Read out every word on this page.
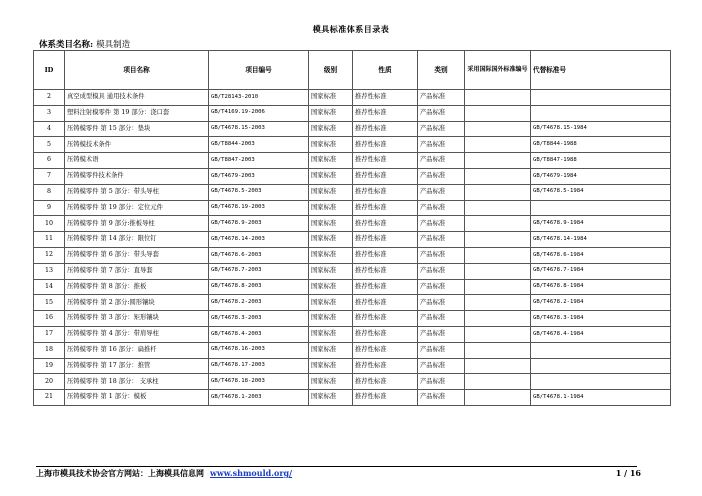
模具标准体系目录表
体系类目名称: 模具制造
ID	项目名称	项目编号	级别	性质	类别	采用国际国外标准编号	代替标准号
2	真空成型模具 通用技术条件	GB/T28143-2010	国家标准	推荐性标准	产品标准		
3	塑料注射模零件 第 19 部分：浇口套	GB/T4169.19-2006	国家标准	推荐性标准	产品标准		
4	压铸模零件 第 15 部分：垫块	GB/T4678.15-2003	国家标准	推荐性标准	产品标准		GB/T4678.15-1984
5	压铸模技术条件	GB/T8844-2003	国家标准	推荐性标准	产品标准		GB/T8844-1988
6	压铸模术语	GB/T8847-2003	国家标准	推荐性标准	产品标准		GB/T8847-1988
7	压铸模零件技术条件	GB/T4679-2003	国家标准	推荐性标准	产品标准		GB/T4679-1984
8	压铸模零件 第 5 部分：带头导柱	GB/T4678.5-2003	国家标准	推荐性标准	产品标准		GB/T4678.5-1984
9	压铸模零件 第 19 部分：定位元件	GB/T4678.19-2003	国家标准	推荐性标准	产品标准		
10	压铸模零件 第 9 部分:推板导柱	GB/T4678.9-2003	国家标准	推荐性标准	产品标准		GB/T4678.9-1984
11	压铸模零件 第 14 部分：限位钉	GB/T4678.14-2003	国家标准	推荐性标准	产品标准		GB/T4678.14-1984
12	压铸模零件 第 6 部分：带头导套	GB/T4678.6-2003	国家标准	推荐性标准	产品标准		GB/T4678.6-1984
13	压铸模零件 第 7 部分：直导套	GB/T4678.7-2003	国家标准	推荐性标准	产品标准		GB/T4678.7-1984
14	压铸模零件 第 8 部分：推板	GB/T4678.8-2003	国家标准	推荐性标准	产品标准		GB/T4678.8-1984
15	压铸模零件 第 2 部分:圆形镶块	GB/T4678.2-2003	国家标准	推荐性标准	产品标准		GB/T4678.2-1984
16	压铸模零件 第 3 部分：矩形镶块	GB/T4678.3-2003	国家标准	推荐性标准	产品标准		GB/T4678.3-1984
17	压铸模零件 第 4 部分：带肩导柱	GB/T4678.4-2003	国家标准	推荐性标准	产品标准		GB/T4678.4-1984
18	压铸模零件 第 16 部分：扁推杆	GB/T4678.16-2003	国家标准	推荐性标准	产品标准		
19	压铸模零件 第 17 部分：推管	GB/T4678.17-2003	国家标准	推荐性标准	产品标准		
20	压铸模零件 第 18 部分： 支承柱	GB/T4678.18-2003	国家标准	推荐性标准	产品标准		
21	压铸模零件 第 1 部分：模板	GB/T4678.1-2003	国家标准	推荐性标准	产品标准		GB/T4678.1-1984
上海市模具技术协会官方网站：上海模具信息网 www.shmould.org/	1 / 16
